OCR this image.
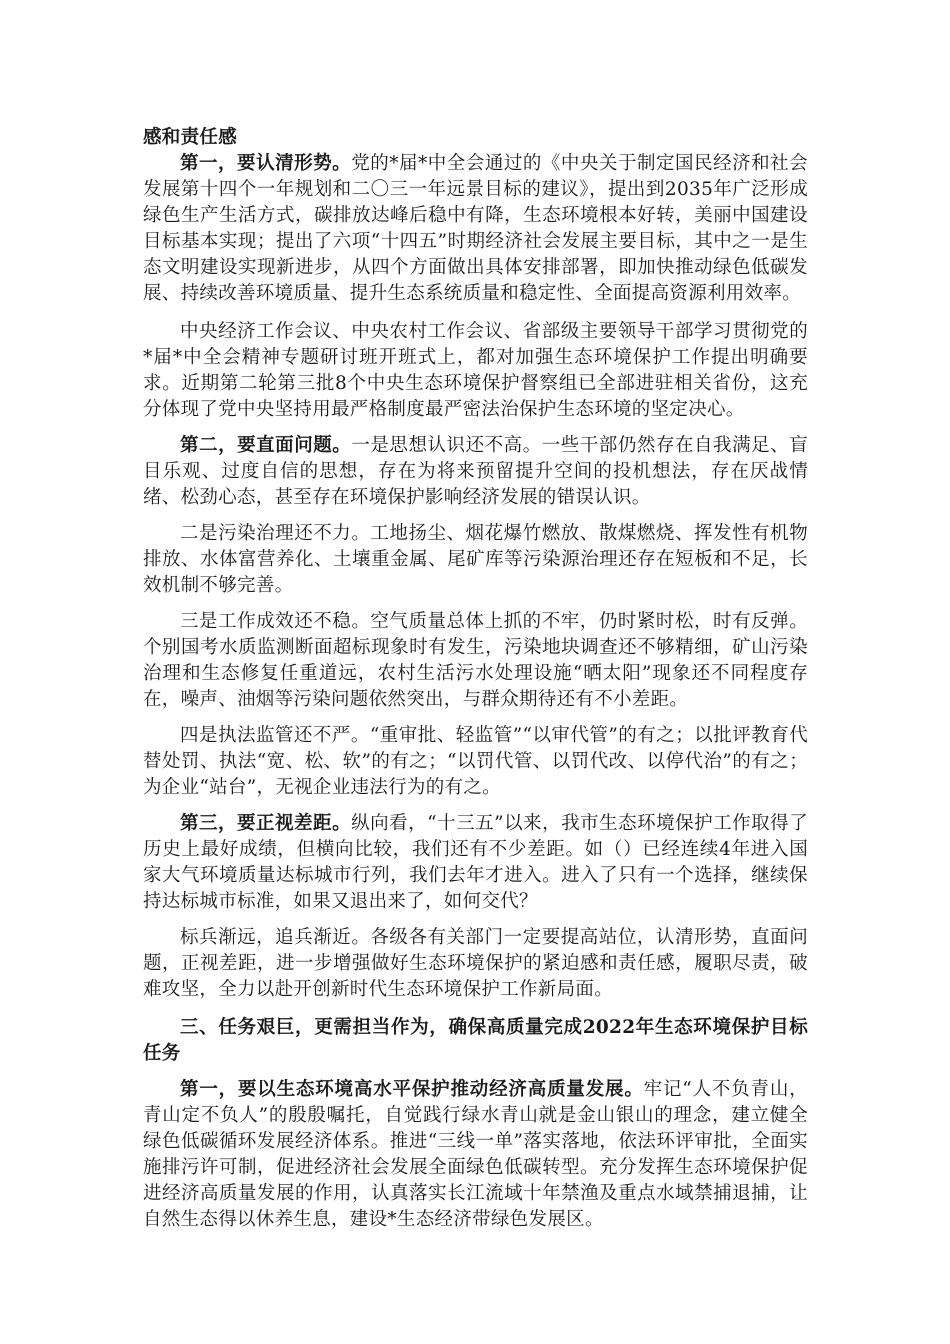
感和责任感

第一，要认清形势。党的*届*中全会通过的《中央关于制定国民经济和社会发展第十四个一年规划和二〇三一年远景目标的建议》，提出到2035年广泛形成绿色生产生活方式，碳排放达峰后稳中有降，生态环境根本好转，美丽中国建设目标基本实现；提出了六项“十四五”时期经济社会发展主要目标，其中之一是生态文明建设实现新进步，从四个方面做出具体安排部署，即加快推动绿色低碳发展、持续改善环境质量、提升生态系统质量和稳定性、全面提高资源利用效率。

中央经济工作会议、中央农村工作会议、省部级主要领导干部学习贯彻党的*届*中全会精神专题研讨班开班式上，都对加强生态环境保护工作提出明确要求。近期第二轮第三批8个中央生态环境保护督察组已全部进驻相关省份，这充分体现了党中央坚持用最严格制度最严密法治保护生态环境的坚定决心。

第二，要直面问题。一是思想认识还不高。一些干部仍然存在自我满足、盲目乐观、过度自信的思想，存在为将来预留提升空间的投机想法，存在厌战情绪、松劲心态，甚至存在环境保护影响经济发展的错误认识。

二是污染治理还不力。工地扬尘、烟花爆竹燃放、散煤燃烧、挥发性有机物排放、水体富营养化、土壤重金属、尾矿库等污染源治理还存在短板和不足，长效机制不够完善。

三是工作成效还不稳。空气质量总体上抓的不牢，仍时紧时松，时有反弹。个别国考水质监测断面超标现象时有发生，污染地块调查还不够精细，矿山污染治理和生态修复任重道远，农村生活污水处理设施“晒太阳”现象还不同程度存在，噪声、油烟等污染问题依然突出，与群众期待还有不小差距。

四是执法监管还不严。“重审批、轻监管”“以审代管”的有之；以批评教育代替处罚、执法“宽、松、软”的有之；“以罚代管、以罚代改、以停代治”的有之；为企业“站台”，无视企业违法行为的有之。

第三，要正视差距。纵向看，“十三五”以来，我市生态环境保护工作取得了历史上最好成绩，但横向比较，我们还有不少差距。如（）已经连续4年进入国家大气环境质量达标城市行列，我们去年才进入。进入了只有一个选择，继续保持达标城市标准，如果又退出来了，如何交代？

标兵渐远，追兵渐近。各级各有关部门一定要提高站位，认清形势，直面问题，正视差距，进一步增强做好生态环境保护的紧迫感和责任感，履职尽责，破难攻坚，全力以赴开创新时代生态环境保护工作新局面。

三、任务艰巨，更需担当作为，确保高质量完成2022年生态环境保护目标任务

第一，要以生态环境高水平保护推动经济高质量发展。牢记“人不负青山，青山定不负人”的殷殷嘱托，自觉践行绿水青山就是金山银山的理念，建立健全绿色低碳循环发展经济体系。推进“三线一单”落实落地，依法环评审批，全面实施排污许可制，促进经济社会发展全面绿色低碳转型。充分发挥生态环境保护促进经济高质量发展的作用，认真落实长江流域十年禁渔及重点水域禁捕退捕，让自然生态得以休养生息，建设*生态经济带绿色发展区。
